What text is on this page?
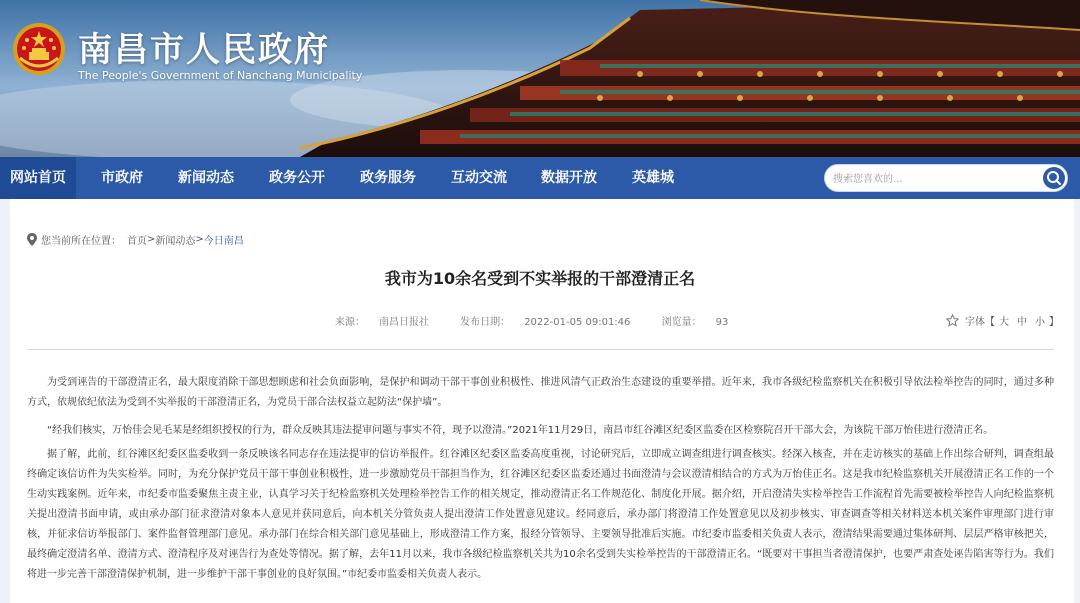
南昌市人民政府
The People's Government of Nanchang Municipality
网站首页	市政府	新闻动态	政务公开	政务服务	互动交流	数据开放	英雄城
搜索您喜欢的...
您当前所在位置： 首页 > 新闻动态 > 今日南昌
我市为10余名受到不实举报的干部澄清正名
来源： 南昌日报社	发布日期： 2022-01-05 09:01:46	浏览量： 93	字体【 大 中 小 】

为受到诬告的干部澄清正名，最大限度消除干部思想顾虑和社会负面影响，是保护和调动干部干事创业积极性、推进风清气正政治生态建设的重要举措。近年来，我市各级纪检监察机关在积极引导依法检举控告的同时，通过多种方式，依规依纪依法为受到不实举报的干部澄清正名，为党员干部合法权益立起防法“保护墙”。

“经我们核实，万怡佳会见毛某是经组织授权的行为，群众反映其违法提审问题与事实不符，现予以澄清。”2021年11月29日，南昌市红谷滩区纪委区监委在区检察院召开干部大会，为该院干部万怡佳进行澄清正名。

据了解，此前，红谷滩区纪委区监委收到一条反映该名同志存在违法提审的信访举报件。红谷滩区纪委区监委高度重视，讨论研究后，立即成立调查组进行调查核实。经深入核查，并在走访核实的基础上作出综合研判，调查组最终确定该信访件为失实检举。同时，为充分保护党员干部干事创业积极性，进一步激励党员干部担当作为，红谷滩区纪委区监委还通过书面澄清与会议澄清相结合的方式为万怡佳正名。这是我市纪检监察机关开展澄清正名工作的一个生动实践案例。近年来，市纪委市监委聚焦主责主业，认真学习关于纪检监察机关处理检举控告工作的相关规定，推动澄清正名工作规范化、制度化开展。据介绍，开启澄清失实检举控告工作流程首先需要被检举控告人向纪检监察机关提出澄清书面申请，或由承办部门征求澄清对象本人意见并获同意后，向本机关分管负责人提出澄清工作处置意见建议。经同意后，承办部门将澄清工作处置意见以及初步核实、审查调查等相关材料送本机关案件审理部门进行审核，并征求信访举报部门、案件监督管理部门意见。承办部门在综合相关部门意见基础上，形成澄清工作方案，报经分管领导、主要领导批准后实施。市纪委市监委相关负责人表示，澄清结果需要通过集体研判、层层严格审核把关，最终确定澄清名单、澄清方式、澄清程序及对诬告行为查处等情况。据了解，去年11月以来，我市各级纪检监察机关共为10余名受到失实检举控告的干部澄清正名。“既要对干事担当者澄清保护，也要严肃查处诬告陷害等行为。我们将进一步完善干部澄清保护机制，进一步维护干部干事创业的良好氛围。”市纪委市监委相关负责人表示。
